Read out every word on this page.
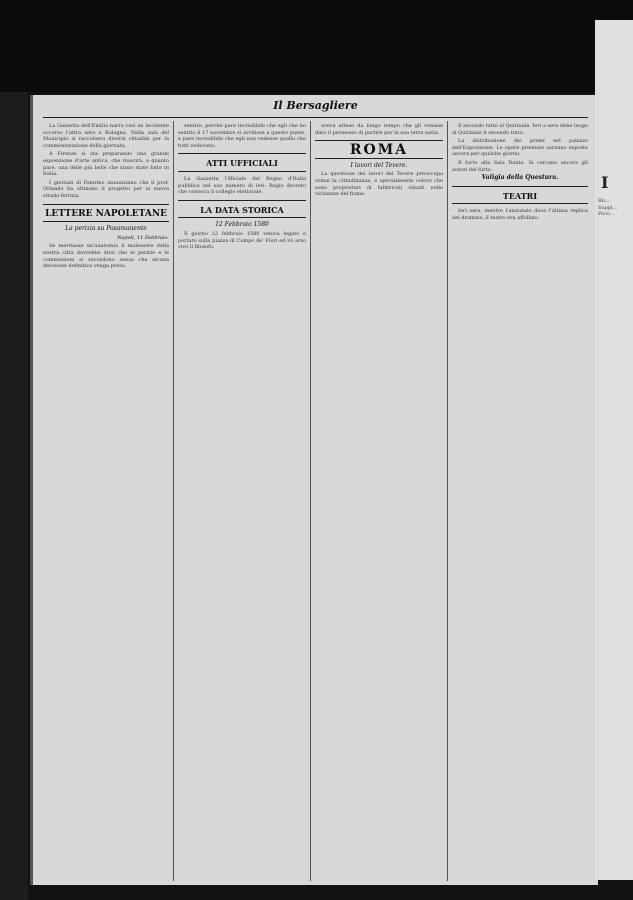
Il Bersagliere

La Gazzetta dell'Emilia narra così un incidente occorso l'altra sera a Bologna. Nella sala del Municipio si raccolsero diversi cittadini per la commemorazione della giornata.

A Firenze si sta preparando una grande esposizione d'arte antica, che riuscirà, a quanto pare, una delle più belle che siano state fatte in Italia.

I giornali di Palermo annunziano che il prof. Orlando ha ultimato il progetto per la nuova strada ferrata.

LETTERE NAPOLETANE
La perizia su Posamanente
Napoli, 11 Febbraio.

Se meritasse un'anatomia il malessere della nostra città dovrebbe dirsi che le perizie e le commissioni si succedono senza che alcuna decisione definitiva venga presa.

sentire, perchè pare incredibile che egli che ho sentito il 17 novembre si avvilisse a questo punto, e pare incredibile che egli non vedesse quello che tutti vedevano.

ATTI UFFICIALI

La Gazzetta Ufficiale del Regno d'Italia pubblica nel suo numero di ieri: Regio decreto che convoca il collegio elettorale.

LA DATA STORICA
12 Febbraio 1580

Il giorno 12 febbraio 1580 veniva legato e portato sulla piazza di Campo de' Fiori ed ivi arso vivo il filosofo.

aveva atteso da lungo tempo che gli venisse dato il permesso di partire per la sua terra natia.

ROMA
I lavori del Tevere.

La questione dei lavori del Tevere preoccupa ormai la cittadinanza, e specialmente coloro che sono proprietari di fabbricati situati nelle vicinanze del fiume.

Il secondo tutto al Quirinale. Ieri a sera ebbe luogo al Quirinale il secondo tutto.

La distribuzione dei premi nel palazzo dell'Esposizione. Le opere premiate saranno esposte ancora per qualche giorno.

Il furto alla Sala Dante. Si cercano ancora gli autori del furto.

Valigia della Questura.
TEATRI

Ieri sera, mentre l'annunzio dava l'ultima replica del dramma, il teatro era affollato.

I
Ric... Suppl... Poco...
